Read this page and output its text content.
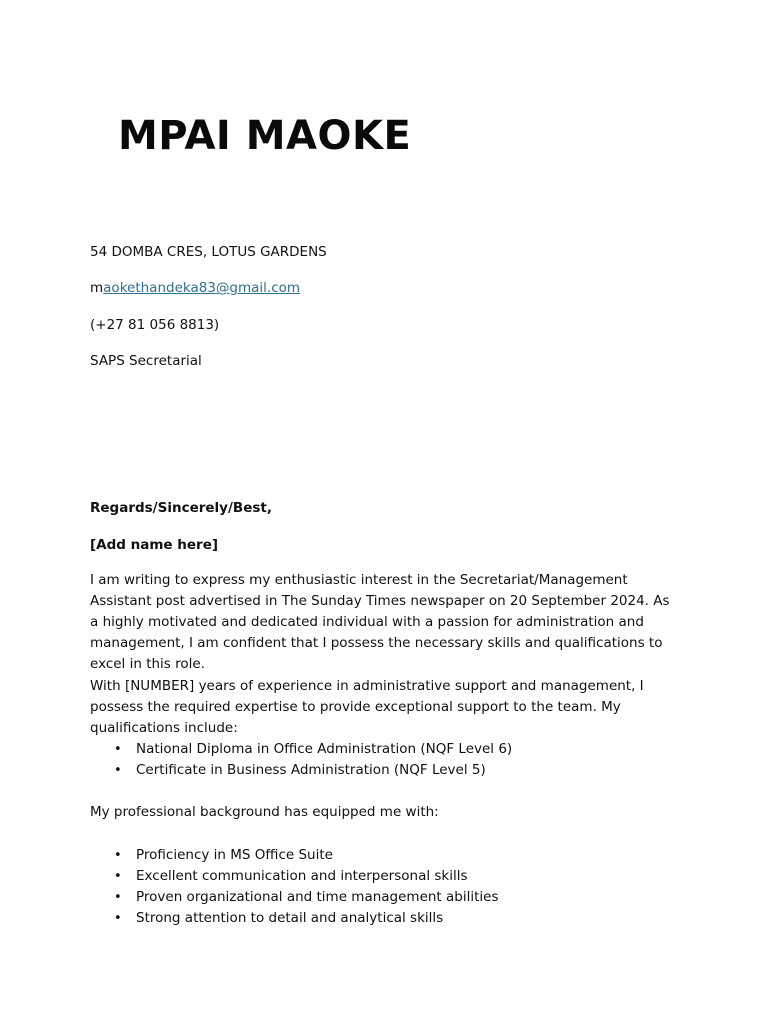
MPAI MAOKE

54 DOMBA CRES, LOTUS GARDENS

maokethandeka83@gmail.com

(+27 81 056 8813)

SAPS Secretarial

Regards/Sincerely/Best,

[Add name here]

I am writing to express my enthusiastic interest in the Secretariat/Management Assistant post advertised in The Sunday Times newspaper on 20 September 2024. As a highly motivated and dedicated individual with a passion for administration and management, I am confident that I possess the necessary skills and qualifications to excel in this role.

With [NUMBER] years of experience in administrative support and management, I possess the required expertise to provide exceptional support to the team. My qualifications include:

• National Diploma in Office Administration (NQF Level 6)
• Certificate in Business Administration (NQF Level 5)

My professional background has equipped me with:

• Proficiency in MS Office Suite
• Excellent communication and interpersonal skills
• Proven organizational and time management abilities
• Strong attention to detail and analytical skills
